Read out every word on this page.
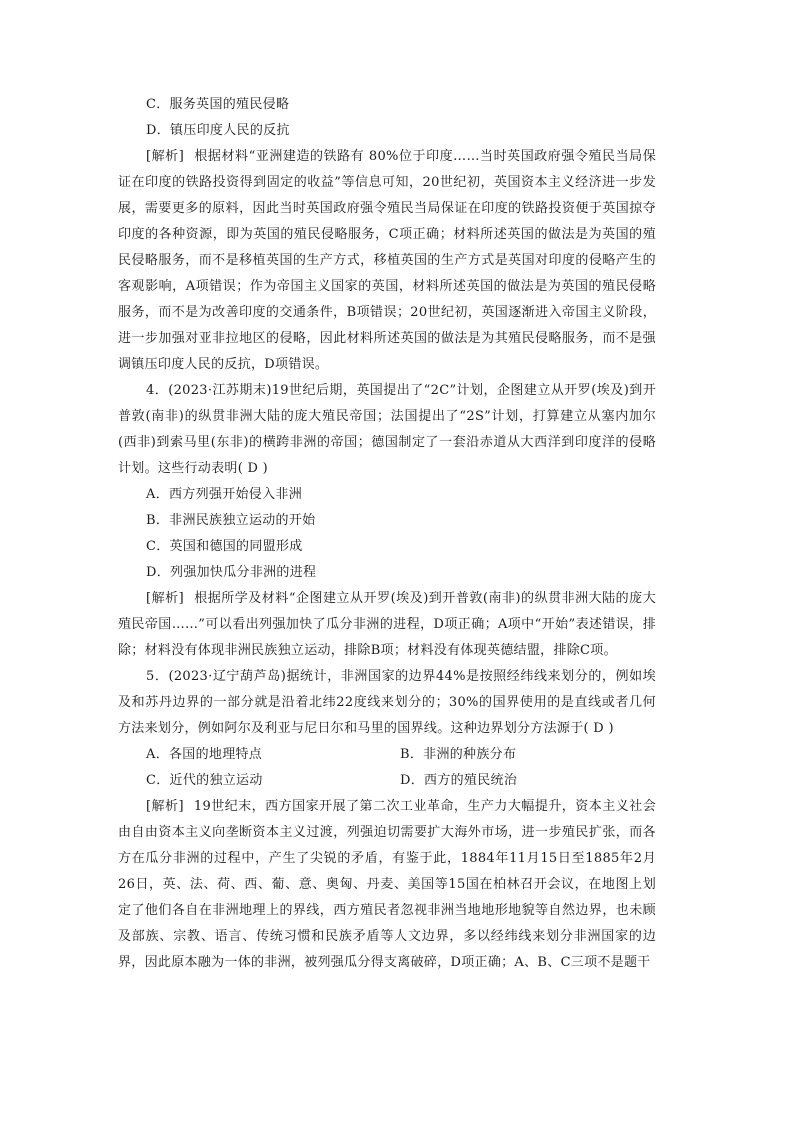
C．服务英国的殖民侵略
D．镇压印度人民的反抗
[解析] 根据材料“亚洲建造的铁路有 80%位于印度……当时英国政府强令殖民当局保证在印度的铁路投资得到固定的收益”等信息可知，20世纪初，英国资本主义经济进一步发展，需要更多的原料，因此当时英国政府强令殖民当局保证在印度的铁路投资便于英国掠夺印度的各种资源，即为英国的殖民侵略服务，C项正确；材料所述英国的做法是为英国的殖民侵略服务，而不是移植英国的生产方式，移植英国的生产方式是英国对印度的侵略产生的客观影响，A项错误；作为帝国主义国家的英国，材料所述英国的做法是为英国的殖民侵略服务，而不是为改善印度的交通条件，B项错误；20世纪初，英国逐渐进入帝国主义阶段，进一步加强对亚非拉地区的侵略，因此材料所述英国的做法是为其殖民侵略服务，而不是强调镇压印度人民的反抗，D项错误。
4．(2023·江苏期末)19世纪后期，英国提出了“2C”计划，企图建立从开罗(埃及)到开普敦(南非)的纵贯非洲大陆的庞大殖民帝国；法国提出了“2S”计划，打算建立从塞内加尔(西非)到索马里(东非)的横跨非洲的帝国；德国制定了一套沿赤道从大西洋到印度洋的侵略计划。这些行动表明( D )
A．西方列强开始侵入非洲
B．非洲民族独立运动的开始
C．英国和德国的同盟形成
D．列强加快瓜分非洲的进程
[解析] 根据所学及材料“企图建立从开罗(埃及)到开普敦(南非)的纵贯非洲大陆的庞大殖民帝国……”可以看出列强加快了瓜分非洲的进程，D项正确；A项中“开始”表述错误，排除；材料没有体现非洲民族独立运动，排除B项；材料没有体现英德结盟，排除C项。
5．(2023·辽宁葫芦岛)据统计，非洲国家的边界44%是按照经纬线来划分的，例如埃及和苏丹边界的一部分就是沿着北纬22度线来划分的；30%的国界使用的是直线或者几何方法来划分，例如阿尔及利亚与尼日尔和马里的国界线。这种边界划分方法源于( D )
A．各国的地理特点	B．非洲的种族分布
C．近代的独立运动	D．西方的殖民统治
[解析] 19世纪末，西方国家开展了第二次工业革命，生产力大幅提升，资本主义社会由自由资本主义向垄断资本主义过渡，列强迫切需要扩大海外市场，进一步殖民扩张，而各方在瓜分非洲的过程中，产生了尖锐的矛盾，有鉴于此，1884年11月15日至1885年2月26日，英、法、荷、西、葡、意、奥匈、丹麦、美国等15国在柏林召开会议，在地图上划定了他们各自在非洲地理上的界线，西方殖民者忽视非洲当地地形地貌等自然边界，也未顾及部族、宗教、语言、传统习惯和民族矛盾等人文边界，多以经纬线来划分非洲国家的边界，因此原本融为一体的非洲，被列强瓜分得支离破碎，D项正确；A、B、C三项不是题干
